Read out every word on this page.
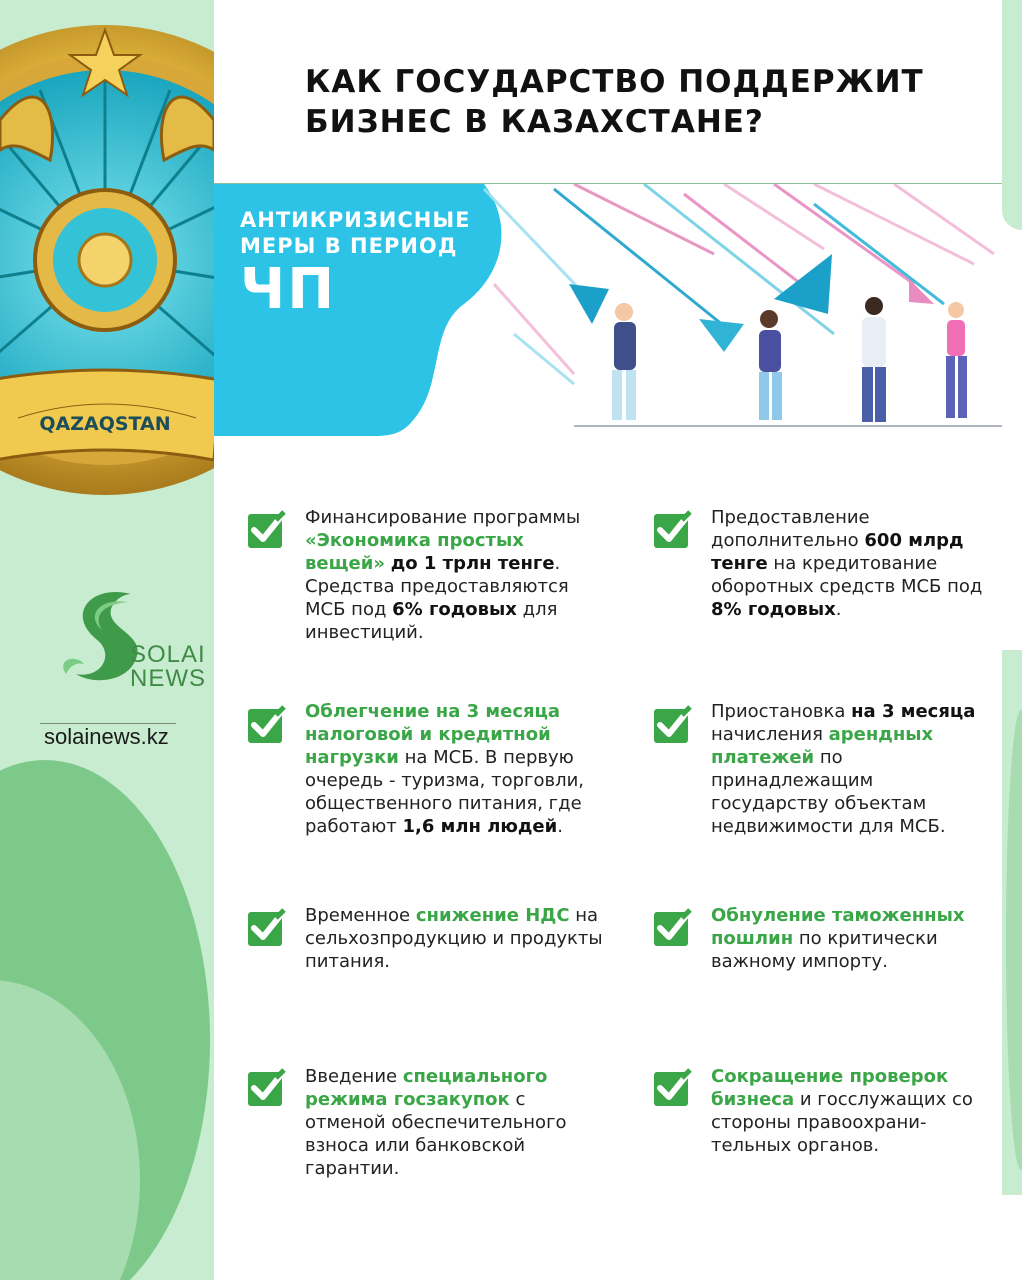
QAZAQSTAN
SOLAI
NEWS
solainews.kz
КАК ГОСУДАРСТВО ПОДДЕРЖИТ БИЗНЕС В КАЗАХСТАНЕ?
АНТИКРИЗИСНЫЕ
МЕРЫ В ПЕРИОД
ЧП

Финансирование программы «Экономика простых вещей» до 1 трлн тенге. Средства предоставляются МСБ под 6% годовых для инвестиций.

Предоставление дополнительно 600 млрд тенге на кредитование оборотных средств МСБ под 8% годовых.

Облегчение на 3 месяца налоговой и кредитной нагрузки на МСБ. В первую очередь - туризма, торговли, общественного питания, где работают 1,6 млн людей.

Приостановка на 3 месяца начисления арендных платежей по принадлежащим государству объектам недвижимости для МСБ.

Временное снижение НДС на сельхозпродукцию и продукты питания.

Обнуление таможенных пошлин по критически важному импорту.

Введение специального режима госзакупок с отменой обеспечительного взноса или банковской гарантии.

Сокращение проверок бизнеса и госслужащих со стороны правоохрани-тельных органов.
